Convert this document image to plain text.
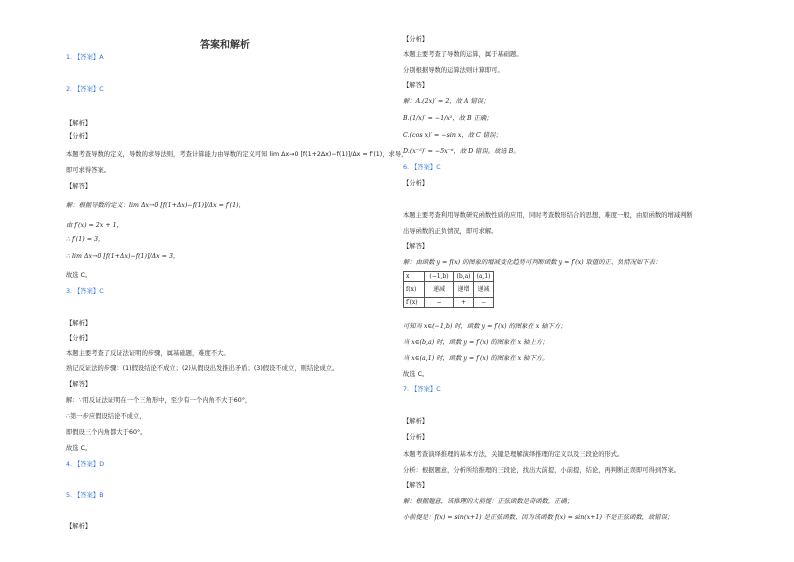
答案和解析
1. 【答案】A
2. 【答案】C
【解析】
【分析】
本题考查导数的定义，导数的求导法则，考查计算能力由导数的定义可知 lim Δx→0 [f(1+2Δx)−f(1)]/Δx = f′(1)，求导，
即可求得答案。
【解答】
解：根据导数的定义：lim Δx→0 [f(1+Δx)−f(1)]/Δx = f′(1)，
由 f′(x) = 2x + 1，
∴ f′(1) = 3，
∴ lim Δx→0 [f(1+Δx)−f(1)]/Δx = 3，
故选 C。
3. 【答案】C
【解析】
【分析】
本题主要考查了反证法证明的步骤，属基础题，难度不大。
熟记反证法的步骤：(1)假设结论不成立；(2)从假设出发推出矛盾；(3)假设不成立，则结论成立。
【解答】
解：∵用反证法证明在一个三角形中，至少有一个内角不大于60°，
∴第一步应假设结论不成立，
即假设三个内角都大于60°。
故选 C。
4. 【答案】D
5. 【答案】B
【解析】
【分析】
本题主要考查了导数的运算，属于基础题。
分别根据导数的运算法则计算即可。
【解答】
解：A.(2x)′ = 2，故 A 错误；
B.(1/x)′ = −1/x²，故 B 正确；
C.(cos x)′ = −sin x，故 C 错误；
D.(x⁻⁵)′ = −5x⁻⁶，故 D 错误。故选 B。
6. 【答案】C
【分析】
本题主要考查利用导数研究函数性质的应用，同时考查数形结合的思想，难度一般，由原函数的增减判断
出导函数的正负情况，即可求解。
【解答】
解：由函数 y = f(x) 的图象的增减变化趋势可判断函数 y = f′(x) 取值的正、负情况如下表：
x	(−1,b)	(b,a)	(a,1)
f(x)	递减	递增	递减
f′(x)	−	+	−
可知当 x∈(−1,b) 时，函数 y = f′(x) 的图象在 x 轴下方；
当 x∈(b,a) 时，函数 y = f′(x) 的图象在 x 轴上方；
当 x∈(a,1) 时，函数 y = f′(x) 的图象在 x 轴下方。
故选 C。
7. 【答案】C
【解析】
【分析】
本题考查演绎推理的基本方法，关键是理解演绎推理的定义以及三段论的形式。
分析：根据题意，分析所给推理的三段论，找出大前提，小前提，结论，再判断正误即可得到答案。
【解答】
解：根据题意，该推理的大前提：正弦函数是奇函数，正确；
小前提是：f(x) = sin(x+1) 是正弦函数，因为该函数 f(x) = sin(x+1) 不是正弦函数，故错误；
